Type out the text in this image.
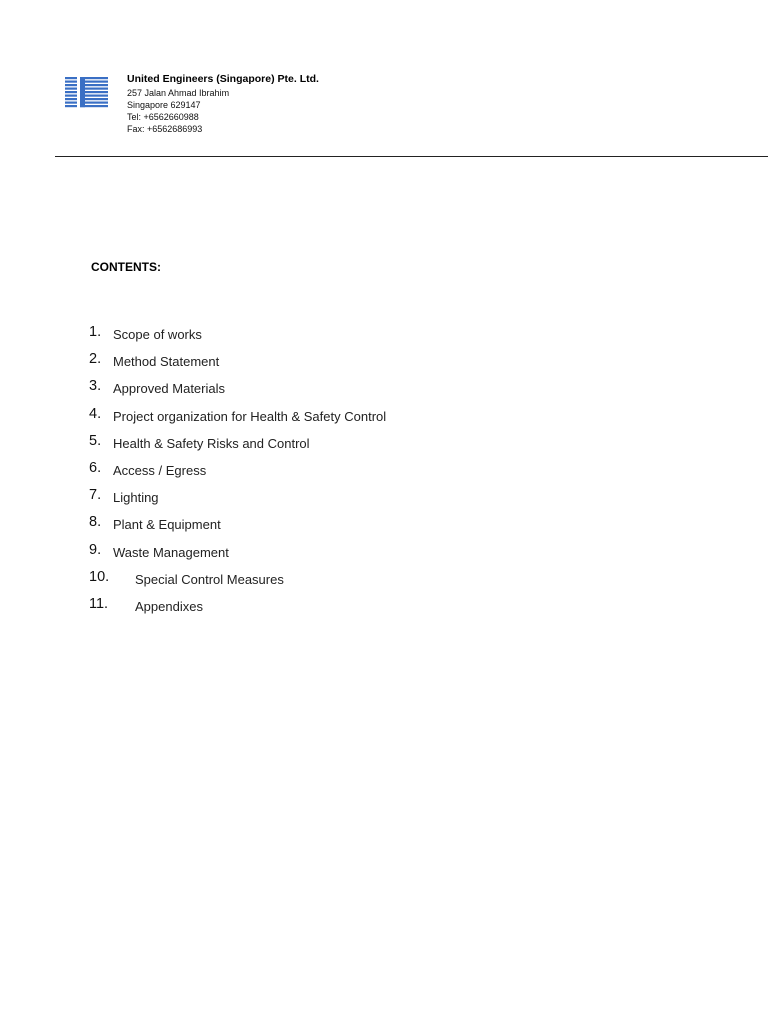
United Engineers (Singapore) Pte. Ltd.
257 Jalan Ahmad Ibrahim
Singapore 629147
Tel: +6562660988
Fax: +6562686993
CONTENTS:
1. Scope of works
2. Method Statement
3. Approved Materials
4. Project organization for Health & Safety Control
5. Health & Safety Risks and Control
6. Access / Egress
7. Lighting
8. Plant & Equipment
9. Waste Management
10. Special Control Measures
11. Appendixes
